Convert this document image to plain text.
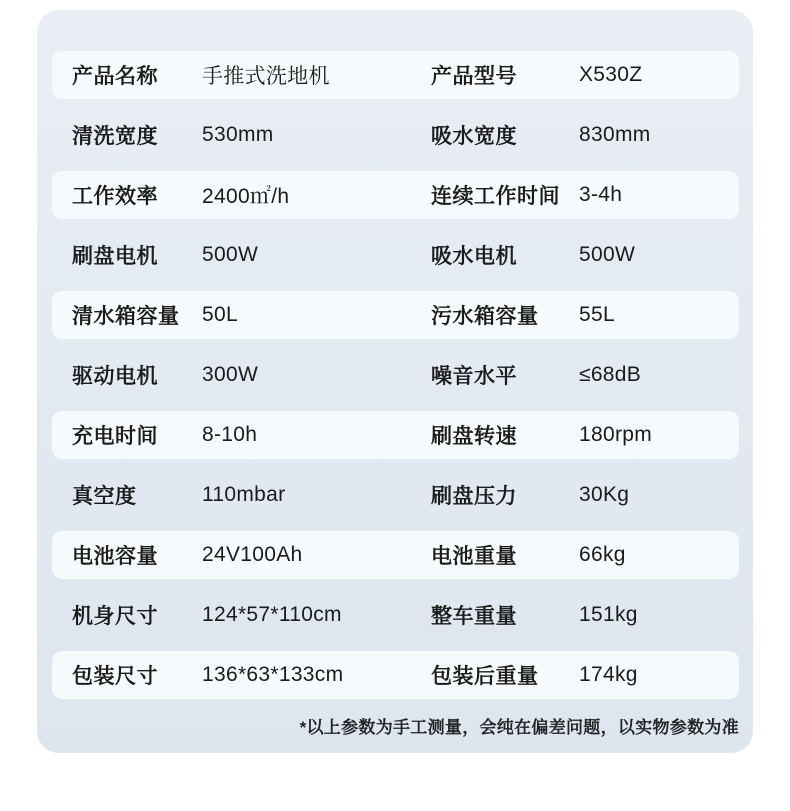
产品名称	手推式洗地机	产品型号	X530Z
清洗宽度	530mm	吸水宽度	830mm
工作效率	2400㎡/h	连续工作时间 3-4h
刷盘电机	500W	吸水电机	500W
清水箱容量	50L	污水箱容量	55L
驱动电机	300W	噪音水平	≤68dB
充电时间	8-10h	刷盘转速	180rpm
真空度	110mbar	刷盘压力	30Kg
电池容量	24V100Ah	电池重量	66kg
机身尺寸	124*57*110cm	整车重量	151kg
包装尺寸	136*63*133cm	包装后重量	174kg
*以上参数为手工测量，会纯在偏差问题，以实物参数为准
